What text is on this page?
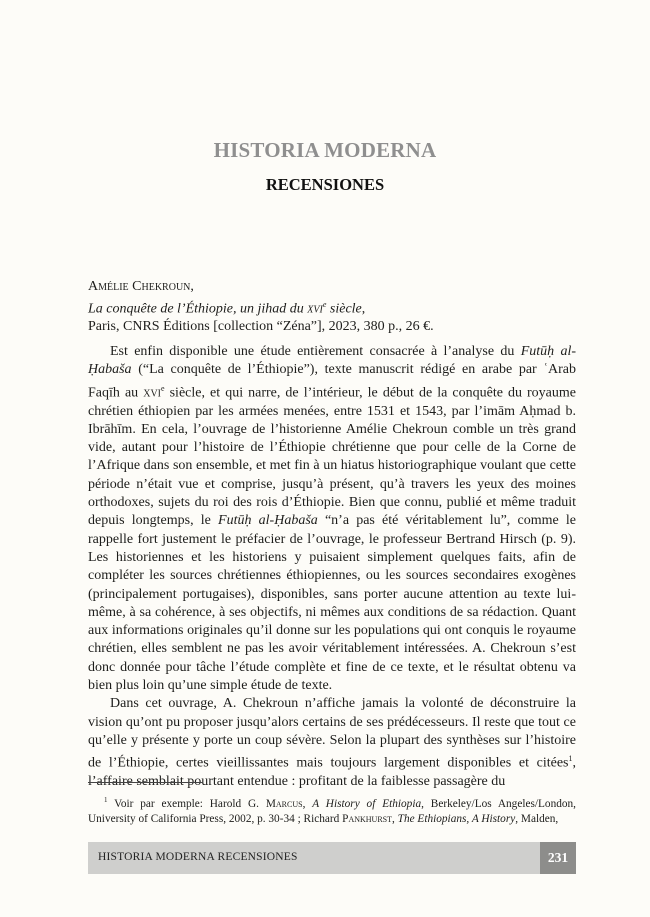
HISTORIA MODERNA
RECENSIONES
Amélie Chekroun,
La conquête de l’Éthiopie, un jihad du xvi$^e$ siècle,
Paris, CNRS Éditions [collection “Zéna”], 2023, 380 p., 26 €.

Est enfin disponible une étude entièrement consacrée à l’analyse du Futūḥ al-Ḥabaša (“La conquête de l’Éthiopie”), texte manuscrit rédigé en arabe par ʿArab Faqīh au xvi$^e$ siècle, et qui narre, de l’intérieur, le début de la conquête du royaume chrétien éthiopien par les armées menées, entre 1531 et 1543, par l’imām Aḥmad b. Ibrāhīm. En cela, l’ouvrage de l’historienne Amélie Chekroun comble un très grand vide, autant pour l’histoire de l’Éthiopie chrétienne que pour celle de la Corne de l’Afrique dans son ensemble, et met fin à un hiatus historiographique voulant que cette période n’était vue et comprise, jusqu’à présent, qu’à travers les yeux des moines orthodoxes, sujets du roi des rois d’Éthiopie. Bien que connu, publié et même traduit depuis longtemps, le Futūḥ al-Ḥabaša “n’a pas été véritablement lu”, comme le rappelle fort justement le préfacier de l’ouvrage, le professeur Bertrand Hirsch (p. 9). Les historiennes et les historiens y puisaient simplement quelques faits, afin de compléter les sources chrétiennes éthiopiennes, ou les sources secondaires exogènes (principalement portugaises), disponibles, sans porter aucune attention au texte lui-même, à sa cohérence, à ses objectifs, ni mêmes aux conditions de sa rédaction. Quant aux informations originales qu’il donne sur les populations qui ont conquis le royaume chrétien, elles semblent ne pas les avoir véritablement intéressées. A. Chekroun s’est donc donnée pour tâche l’étude complète et fine de ce texte, et le résultat obtenu va bien plus loin qu’une simple étude de texte.

Dans cet ouvrage, A. Chekroun n’affiche jamais la volonté de déconstruire la vision qu’ont pu proposer jusqu’alors certains de ses prédécesseurs. Il reste que tout ce qu’elle y présente y porte un coup sévère. Selon la plupart des synthèses sur l’histoire de l’Éthiopie, certes vieillissantes mais toujours largement disponibles et citées$^1$, l’affaire semblait pourtant entendue : profitant de la faiblesse passagère du

$^1$ Voir par exemple: Harold G. Marcus, A History of Ethiopia, Berkeley/Los Angeles/London, University of California Press, 2002, p. 30-34 ; Richard Pankhurst, The Ethiopians, A History, Malden,
HISTORIA MODERNA RECENSIONES	231
